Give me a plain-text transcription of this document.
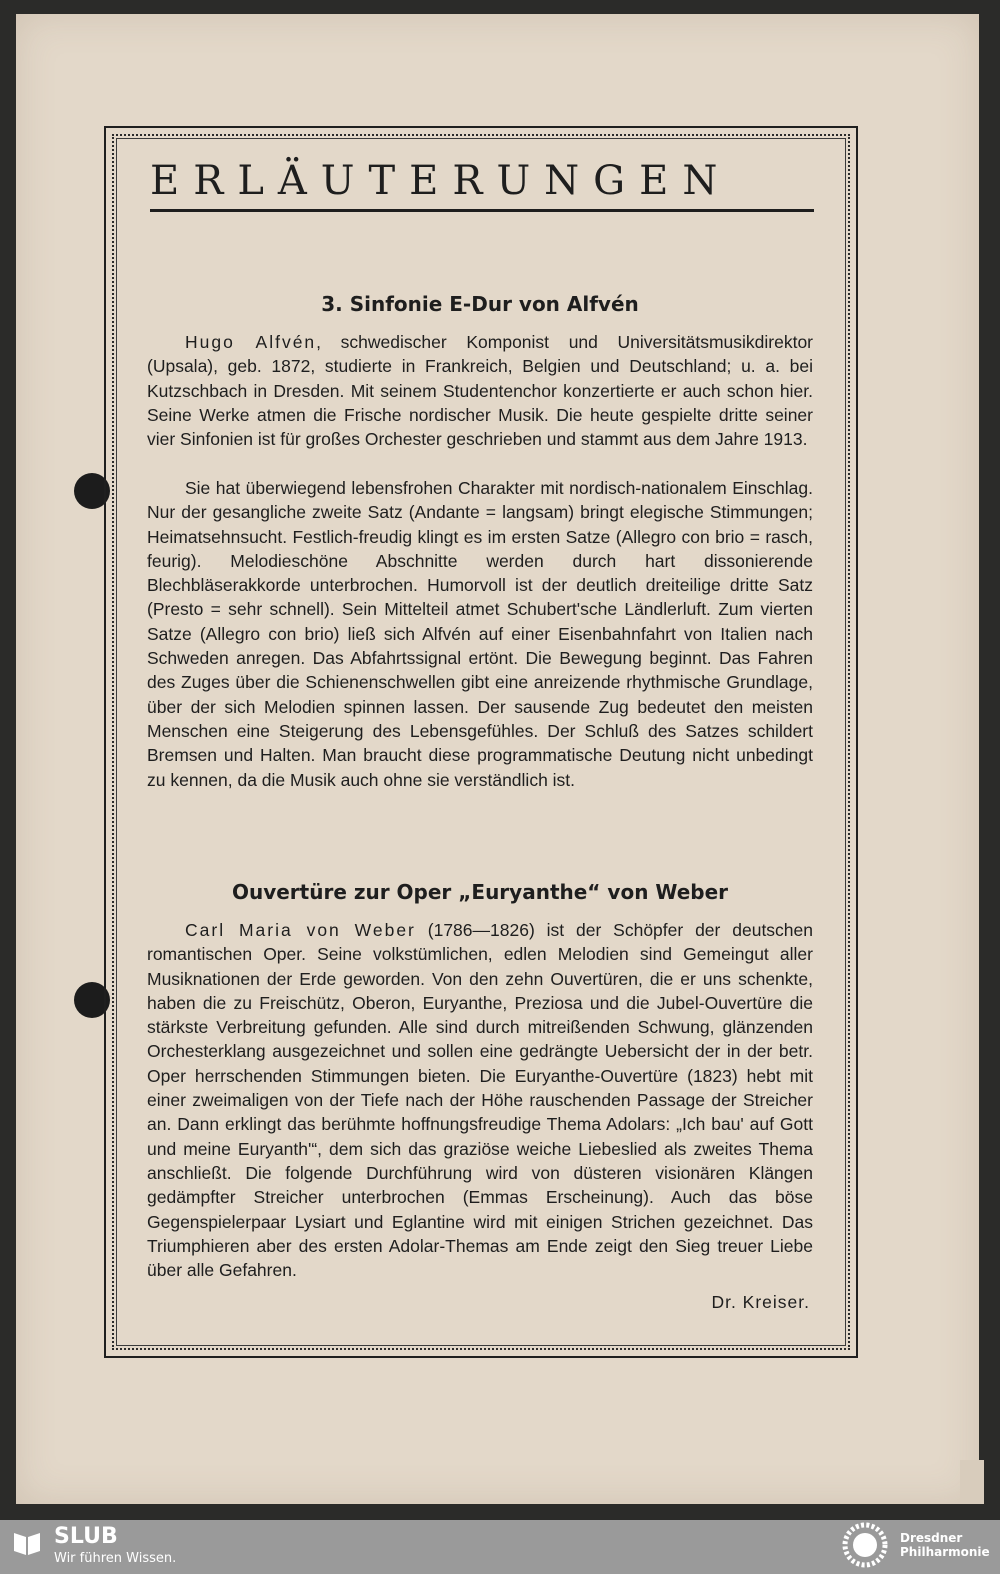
ERLÄUTERUNGEN
3. Sinfonie E-Dur von Alfvén

Hugo Alfvén, schwedischer Komponist und Universitätsmusikdirektor (Upsala), geb. 1872, studierte in Frankreich, Belgien und Deutschland; u. a. bei Kutzschbach in Dresden. Mit seinem Studentenchor konzertierte er auch schon hier. Seine Werke atmen die Frische nordischer Musik. Die heute gespielte dritte seiner vier Sinfonien ist für großes Orchester geschrieben und stammt aus dem Jahre 1913.

Sie hat überwiegend lebensfrohen Charakter mit nordisch-nationalem Einschlag. Nur der gesangliche zweite Satz (Andante = langsam) bringt elegische Stimmungen; Heimatsehnsucht. Festlich-freudig klingt es im ersten Satze (Allegro con brio = rasch, feurig). Melodieschöne Abschnitte werden durch hart dissonierende Blechbläserakkorde unterbrochen. Humorvoll ist der deutlich dreiteilige dritte Satz (Presto = sehr schnell). Sein Mittelteil atmet Schubert'sche Ländlerluft. Zum vierten Satze (Allegro con brio) ließ sich Alfvén auf einer Eisenbahnfahrt von Italien nach Schweden anregen. Das Abfahrtssignal ertönt. Die Bewegung beginnt. Das Fahren des Zuges über die Schienenschwellen gibt eine anreizende rhythmische Grundlage, über der sich Melodien spinnen lassen. Der sausende Zug bedeutet den meisten Menschen eine Steigerung des Lebensgefühles. Der Schluß des Satzes schildert Bremsen und Halten. Man braucht diese programmatische Deutung nicht unbedingt zu kennen, da die Musik auch ohne sie verständlich ist.

Ouvertüre zur Oper „Euryanthe“ von Weber

Carl Maria von Weber (1786—1826) ist der Schöpfer der deutschen romantischen Oper. Seine volkstümlichen, edlen Melodien sind Gemeingut aller Musiknationen der Erde geworden. Von den zehn Ouvertüren, die er uns schenkte, haben die zu Freischütz, Oberon, Euryanthe, Preziosa und die Jubel-Ouvertüre die stärkste Verbreitung gefunden. Alle sind durch mitreißenden Schwung, glänzenden Orchesterklang ausgezeichnet und sollen eine gedrängte Uebersicht der in der betr. Oper herrschenden Stimmungen bieten. Die Euryanthe-Ouvertüre (1823) hebt mit einer zweimaligen von der Tiefe nach der Höhe rauschenden Passage der Streicher an. Dann erklingt das berühmte hoffnungsfreudige Thema Adolars: „Ich bau' auf Gott und meine Euryanth'“, dem sich das graziöse weiche Liebeslied als zweites Thema anschließt. Die folgende Durchführung wird von düsteren visionären Klängen gedämpfter Streicher unterbrochen (Emmas Erscheinung). Auch das böse Gegenspielerpaar Lysiart und Eglantine wird mit einigen Strichen gezeichnet. Das Triumphieren aber des ersten Adolar-Themas am Ende zeigt den Sieg treuer Liebe über alle Gefahren.

Dr. Kreiser.
SLUB
Wir führen Wissen.
Dresdner
Philharmonie
